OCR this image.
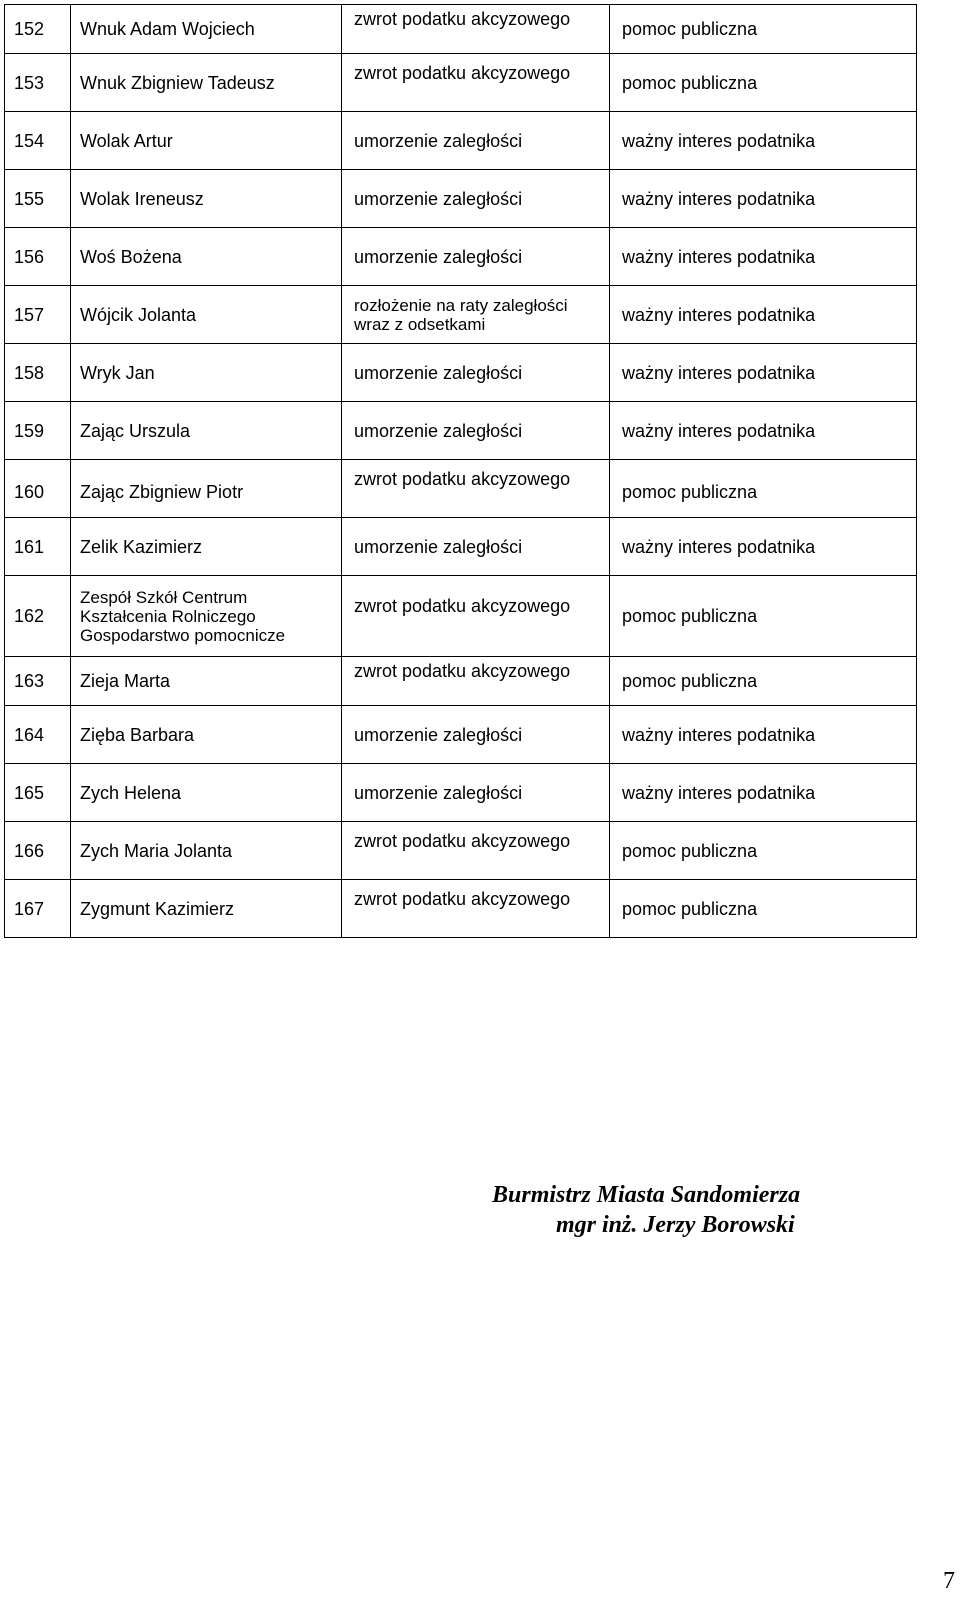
152	Wnuk Adam Wojciech	zwrot podatku akcyzowego	pomoc publiczna
153	Wnuk Zbigniew Tadeusz	zwrot podatku akcyzowego	pomoc publiczna
154	Wolak Artur	umorzenie zaległości	ważny interes podatnika
155	Wolak Ireneusz	umorzenie zaległości	ważny interes podatnika
156	Woś Bożena	umorzenie zaległości	ważny interes podatnika
157	Wójcik Jolanta	rozłożenie na raty zaległości wraz z odsetkami	ważny interes podatnika
158	Wryk Jan	umorzenie zaległości	ważny interes podatnika
159	Zając Urszula	umorzenie zaległości	ważny interes podatnika
160	Zając Zbigniew Piotr	zwrot podatku akcyzowego	pomoc publiczna
161	Zelik Kazimierz	umorzenie zaległości	ważny interes podatnika
162	Zespół Szkół Centrum Kształcenia Rolniczego Gospodarstwo pomocnicze	zwrot podatku akcyzowego	pomoc publiczna
163	Zieja Marta	zwrot podatku akcyzowego	pomoc publiczna
164	Zięba Barbara	umorzenie zaległości	ważny interes podatnika
165	Zych Helena	umorzenie zaległości	ważny interes podatnika
166	Zych Maria Jolanta	zwrot podatku akcyzowego	pomoc publiczna
167	Zygmunt Kazimierz	zwrot podatku akcyzowego	pomoc publiczna
Burmistrz Miasta Sandomierza
mgr inż. Jerzy Borowski
7
